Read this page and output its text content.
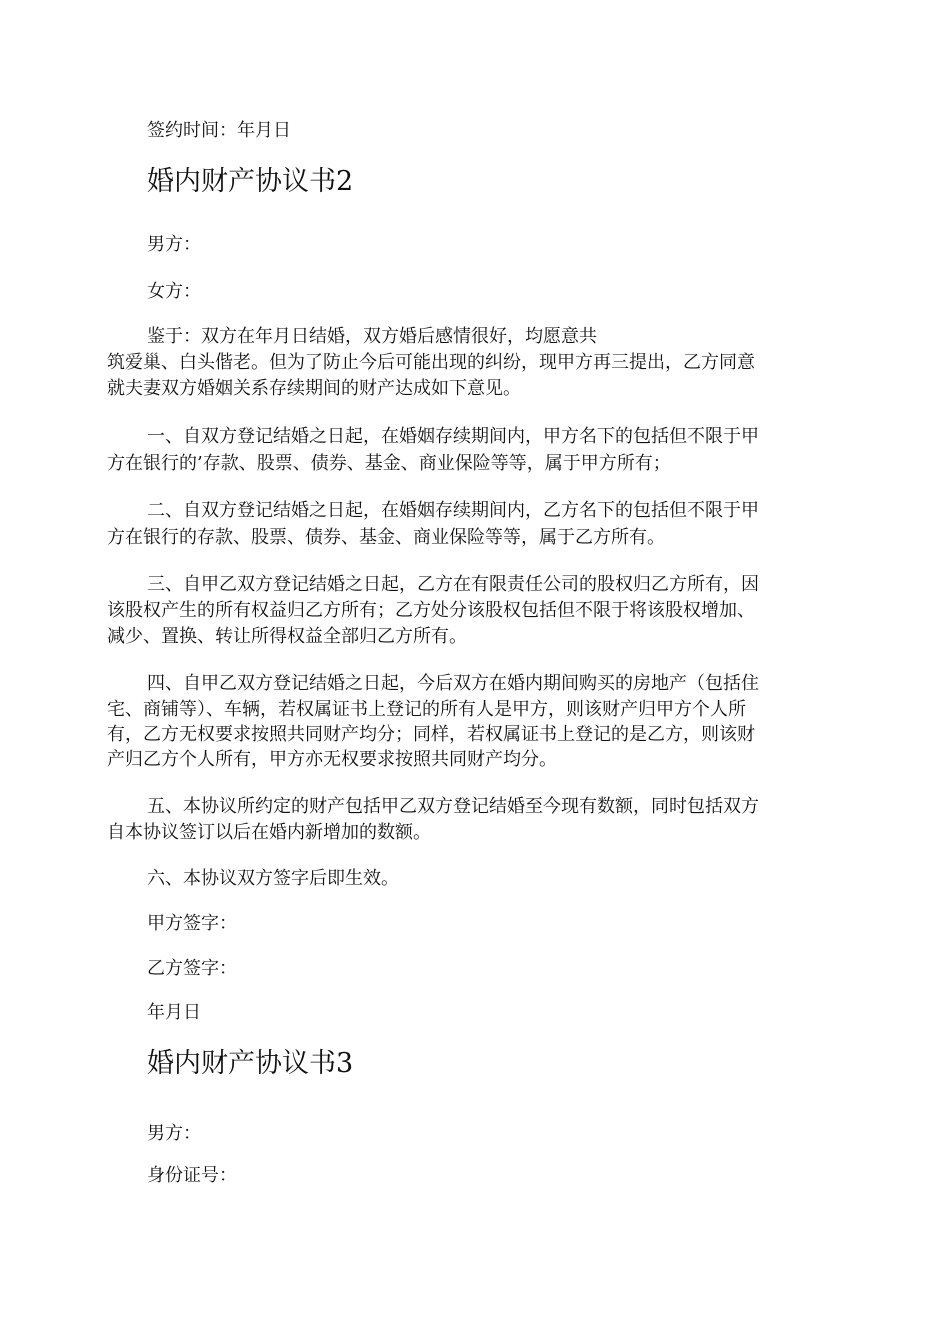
签约时间：年月日

婚内财产协议书2

男方：

女方：

鉴于：双方在年月日结婚，双方婚后感情很好，均愿意共

筑爱巢、白头偕老。但为了防止今后可能出现的纠纷，现甲方再三提出，乙方同意

就夫妻双方婚姻关系存续期间的财产达成如下意见。

一、自双方登记结婚之日起，在婚姻存续期间内，甲方名下的包括但不限于甲

方在银行的’存款、股票、债券、基金、商业保险等等，属于甲方所有；

二、自双方登记结婚之日起，在婚姻存续期间内，乙方名下的包括但不限于甲

方在银行的存款、股票、债券、基金、商业保险等等，属于乙方所有。

三、自甲乙双方登记结婚之日起，乙方在有限责任公司的股权归乙方所有，因

该股权产生的所有权益归乙方所有；乙方处分该股权包括但不限于将该股权增加、

减少、置换、转让所得权益全部归乙方所有。

四、自甲乙双方登记结婚之日起，今后双方在婚内期间购买的房地产（包括住

宅、商铺等）、车辆，若权属证书上登记的所有人是甲方，则该财产归甲方个人所

有，乙方无权要求按照共同财产均分；同样，若权属证书上登记的是乙方，则该财

产归乙方个人所有，甲方亦无权要求按照共同财产均分。

五、本协议所约定的财产包括甲乙双方登记结婚至今现有数额，同时包括双方

自本协议签订以后在婚内新增加的数额。

六、本协议双方签字后即生效。

甲方签字：

乙方签字：

年月日

婚内财产协议书3

男方：

身份证号：
